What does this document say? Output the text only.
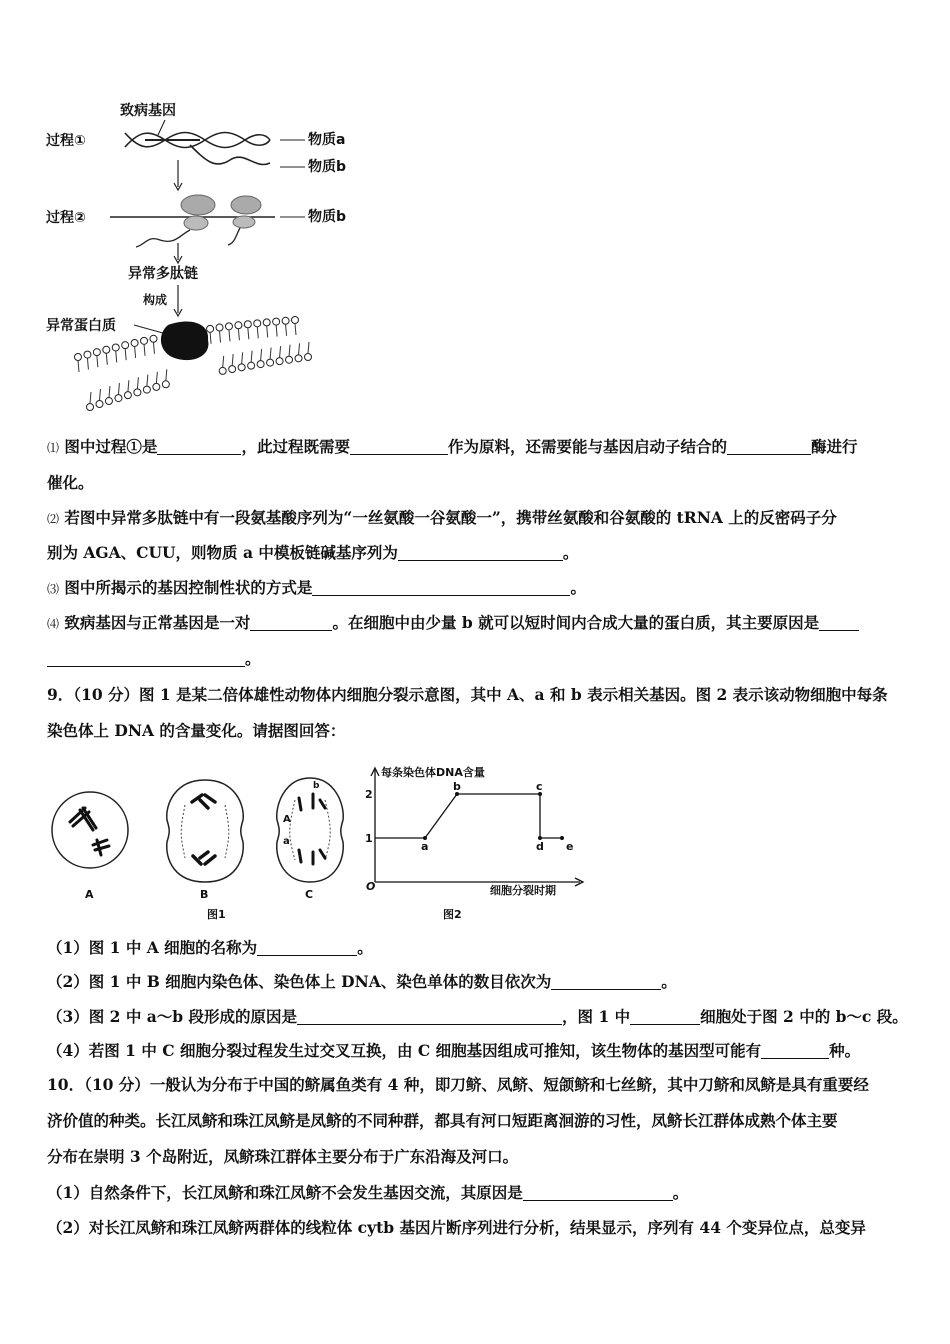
致病基因
过程①	物质a
物质b
过程②	物质b
异常多肽链
构成
异常蛋白质
⑴ 图中过程①是	，此过程既需要	作为原料，还需要能与基因启动子结合的	酶进行
催化。
⑵ 若图中异常多肽链中有一段氨基酸序列为“一丝氨酸一谷氨酸一”，携带丝氨酸和谷氨酸的 tRNA 上的反密码子分
别为 AGA、CUU，则物质 a 中模板链碱基序列为	。
⑶ 图中所揭示的基因控制性状的方式是	。
⑷ 致病基因与正常基因是一对	。在细胞中由少量 b 就可以短时间内合成大量的蛋白质，其主要原因是
。
9．（10 分）图 1 是某二倍体雄性动物体内细胞分裂示意图，其中 A、a 和 b 表示相关基因。图 2 表示该动物细胞中每条
染色体上 DNA 的含量变化。请据图回答：
A	B
图1
A
a
b
C
每条染色体DNA含量
细胞分裂时期
O
2
1
a
b	c
d e
图2
（1）图 1 中 A 细胞的名称为	。
（2）图 1 中 B 细胞内染色体、染色体上 DNA、染色单体的数目依次为	。
（3）图 2 中 a～b 段形成的原因是	，图 1 中	细胞处于图 2 中的 b～c 段。
（4）若图 1 中 C 细胞分裂过程发生过交叉互换，由 C 细胞基因组成可推知，该生物体的基因型可能有	种。
10．（10 分）一般认为分布于中国的鲚属鱼类有 4 种，即刀鲚、凤鲚、短颌鲚和七丝鲚，其中刀鲚和凤鲚是具有重要经
济价值的种类。长江凤鲚和珠江凤鲚是凤鲚的不同种群，都具有河口短距离洄游的习性，凤鲚长江群体成熟个体主要
分布在崇明 3 个岛附近，凤鲚珠江群体主要分布于广东沿海及河口。
（1）自然条件下，长江凤鲚和珠江凤鲚不会发生基因交流，其原因是	。
（2）对长江凤鲚和珠江凤鲚两群体的线粒体 cytb 基因片断序列进行分析，结果显示，序列有 44 个变异位点，总变异
